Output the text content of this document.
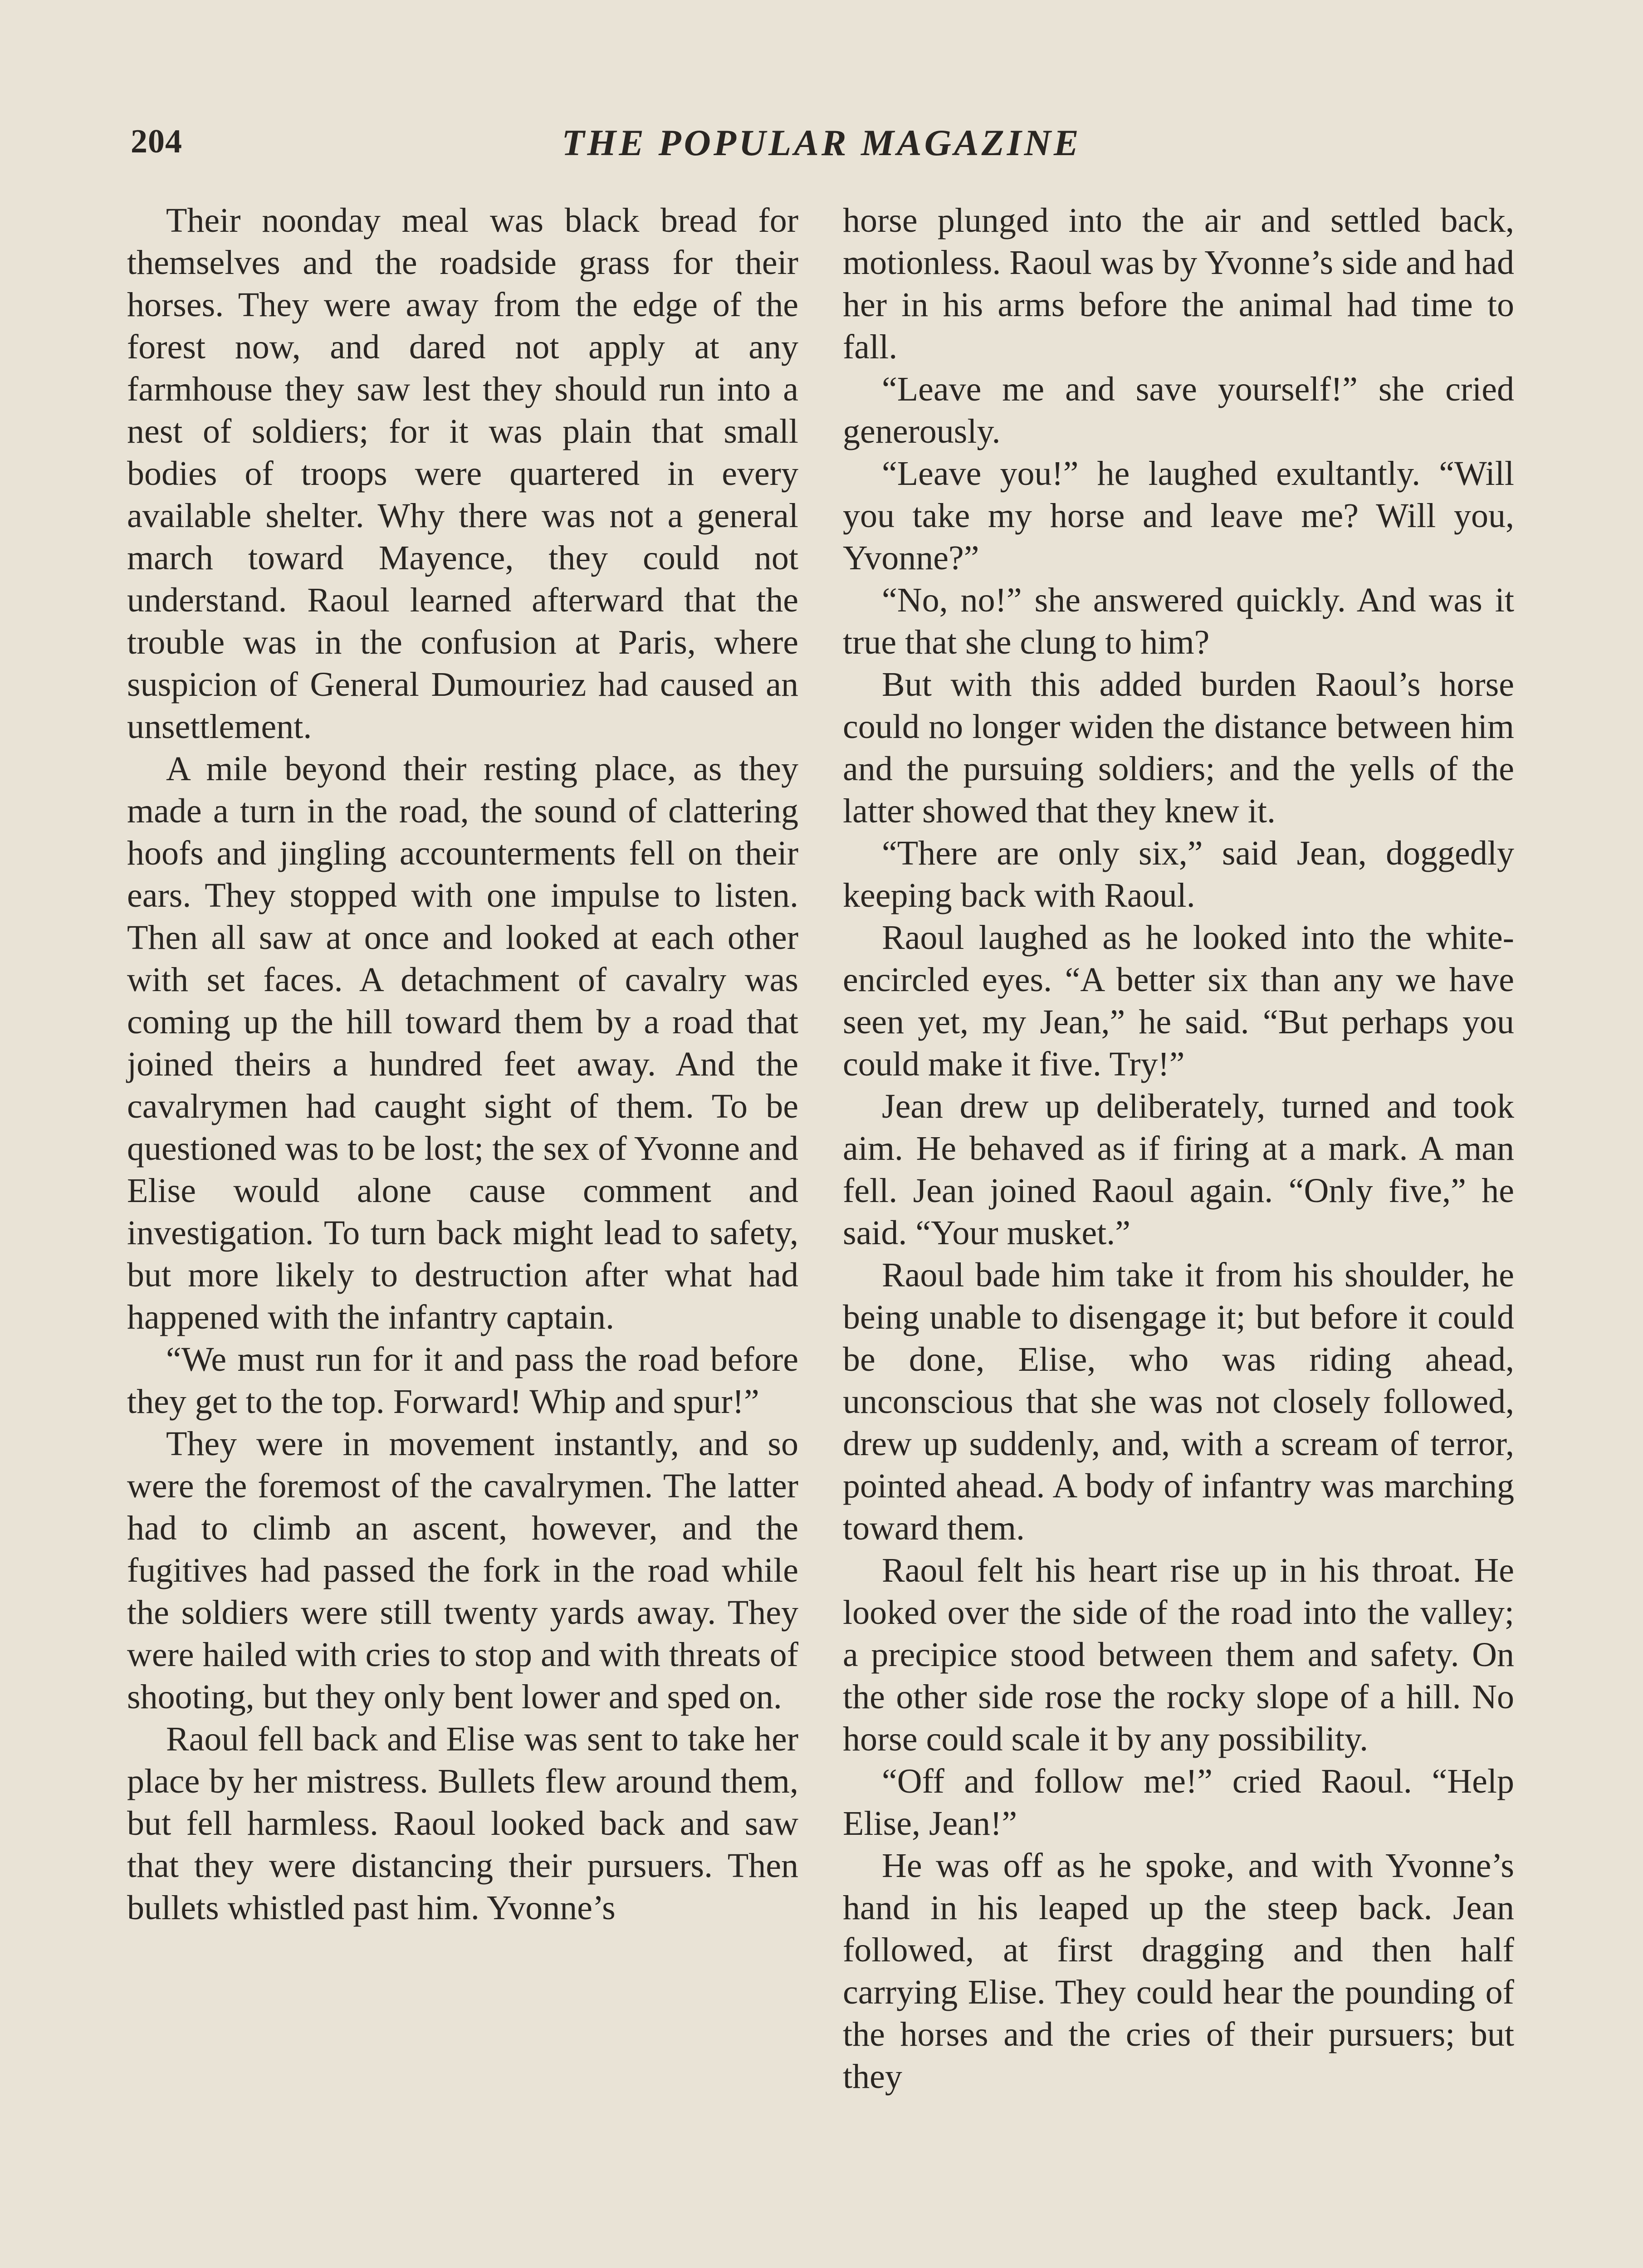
204	THE POPULAR MAGAZINE

Their noonday meal was black bread for themselves and the roadside grass for their horses. They were away from the edge of the forest now, and dared not apply at any farmhouse they saw lest they should run into a nest of soldiers; for it was plain that small bodies of troops were quartered in every available shelter. Why there was not a general march toward Mayence, they could not understand. Raoul learned afterward that the trouble was in the confusion at Paris, where suspicion of General Dumouriez had caused an unsettlement.

A mile beyond their resting place, as they made a turn in the road, the sound of clattering hoofs and jingling accounterments fell on their ears. They stopped with one impulse to listen. Then all saw at once and looked at each other with set faces. A detachment of cavalry was coming up the hill toward them by a road that joined theirs a hundred feet away. And the cavalrymen had caught sight of them. To be questioned was to be lost; the sex of Yvonne and Elise would alone cause comment and investigation. To turn back might lead to safety, but more likely to destruction after what had happened with the infantry captain.

“We must run for it and pass the road before they get to the top. Forward! Whip and spur!”

They were in movement instantly, and so were the foremost of the cavalrymen. The latter had to climb an ascent, however, and the fugitives had passed the fork in the road while the soldiers were still twenty yards away. They were hailed with cries to stop and with threats of shooting, but they only bent lower and sped on.

Raoul fell back and Elise was sent to take her place by her mistress. Bullets flew around them, but fell harmless. Raoul looked back and saw that they were distancing their pursuers. Then bullets whistled past him. Yvonne’s

horse plunged into the air and settled back, motionless. Raoul was by Yvonne’s side and had her in his arms before the animal had time to fall.

“Leave me and save yourself!” she cried generously.

“Leave you!” he laughed exultantly. “Will you take my horse and leave me? Will you, Yvonne?”

“No, no!” she answered quickly. And was it true that she clung to him?

But with this added burden Raoul’s horse could no longer widen the distance between him and the pursuing soldiers; and the yells of the latter showed that they knew it.

“There are only six,” said Jean, doggedly keeping back with Raoul.

Raoul laughed as he looked into the white-encircled eyes. “A better six than any we have seen yet, my Jean,” he said. “But perhaps you could make it five. Try!”

Jean drew up deliberately, turned and took aim. He behaved as if firing at a mark. A man fell. Jean joined Raoul again. “Only five,” he said. “Your musket.”

Raoul bade him take it from his shoulder, he being unable to disengage it; but before it could be done, Elise, who was riding ahead, unconscious that she was not closely followed, drew up suddenly, and, with a scream of terror, pointed ahead. A body of infantry was marching toward them.

Raoul felt his heart rise up in his throat. He looked over the side of the road into the valley; a precipice stood between them and safety. On the other side rose the rocky slope of a hill. No horse could scale it by any possibility.

“Off and follow me!” cried Raoul. “Help Elise, Jean!”

He was off as he spoke, and with Yvonne’s hand in his leaped up the steep back. Jean followed, at first dragging and then half carrying Elise. They could hear the pounding of the horses and the cries of their pursuers; but they
